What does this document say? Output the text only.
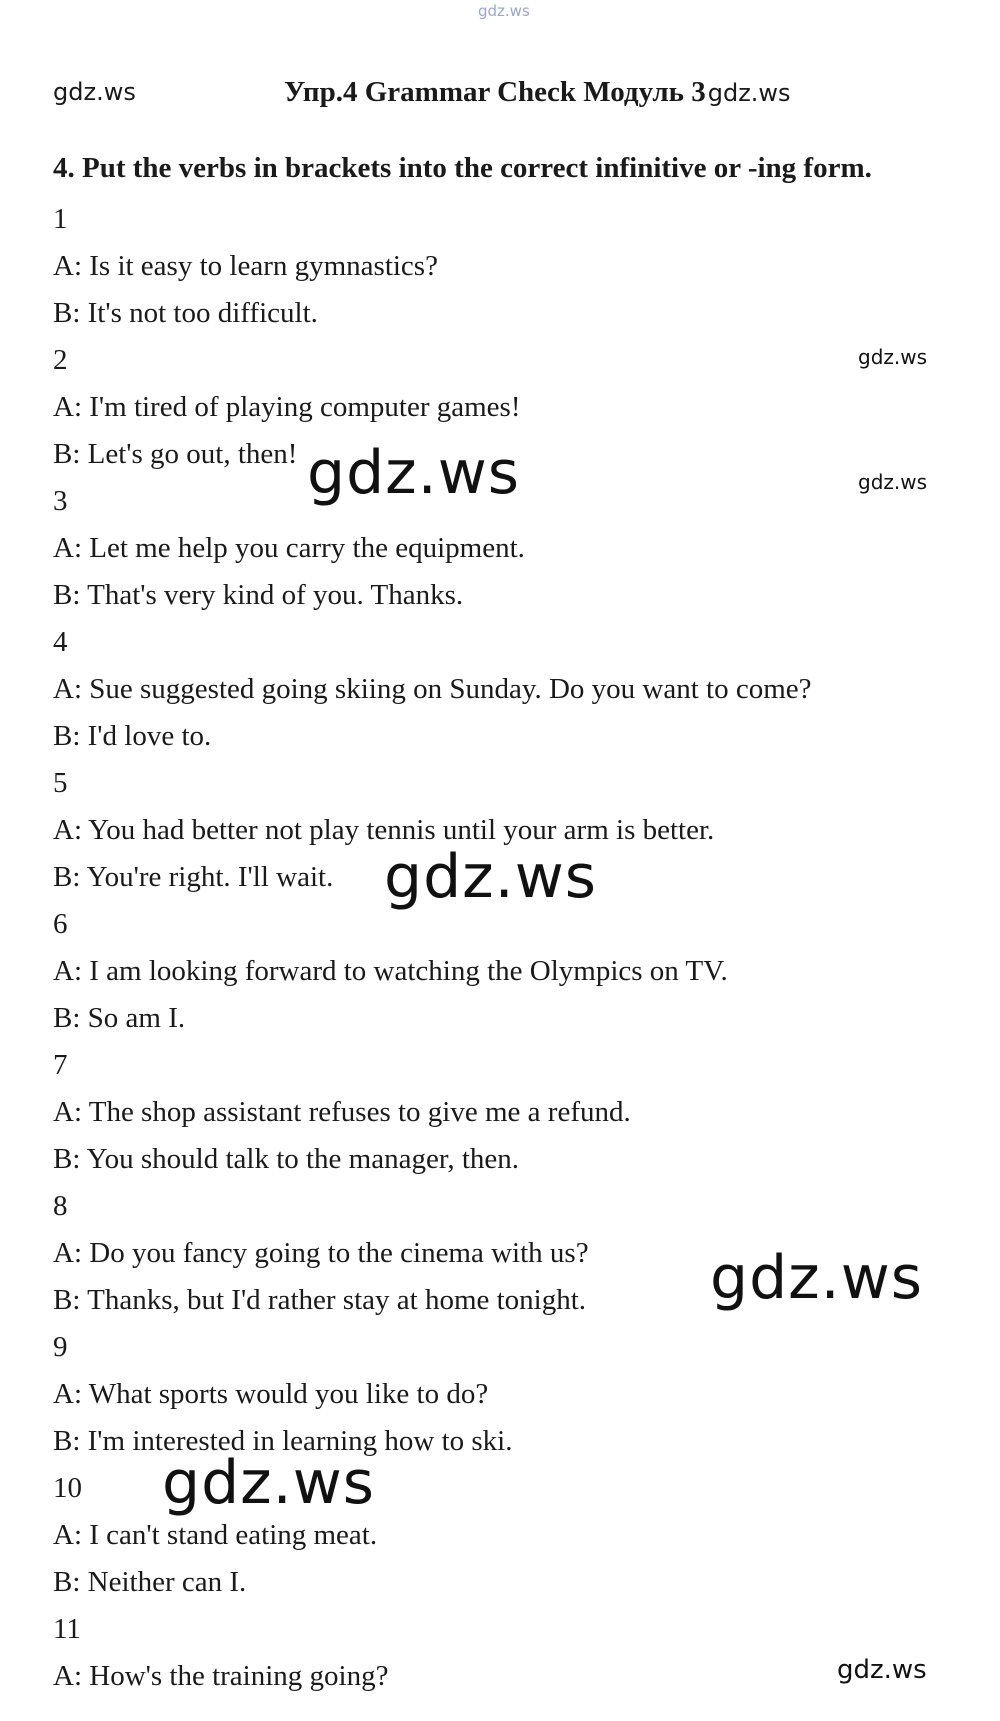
gdz.ws
gdz.ws	Упр.4 Grammar Check Модуль 3gdz.ws
4. Put the verbs in brackets into the correct infinitive or -ing form.
1
A: Is it easy to learn gymnastics?
B: It's not too difficult.
2
A: I'm tired of playing computer games!
B: Let's go out, then!
3
A: Let me help you carry the equipment.
B: That's very kind of you. Thanks.
4
A: Sue suggested going skiing on Sunday. Do you want to come?
B: I'd love to.
5
A: You had better not play tennis until your arm is better.
B: You're right. I'll wait.
6
A: I am looking forward to watching the Olympics on TV.
B: So am I.
7
A: The shop assistant refuses to give me a refund.
B: You should talk to the manager, then.
8
A: Do you fancy going to the cinema with us?
B: Thanks, but I'd rather stay at home tonight.
9
A: What sports would you like to do?
B: I'm interested in learning how to ski.
10
A: I can't stand eating meat.
B: Neither can I.
11
A: How's the training going?
gdz.ws
gdz.ws
gdz.ws
gdz.ws
gdz.ws
gdz.ws
gdz.ws
